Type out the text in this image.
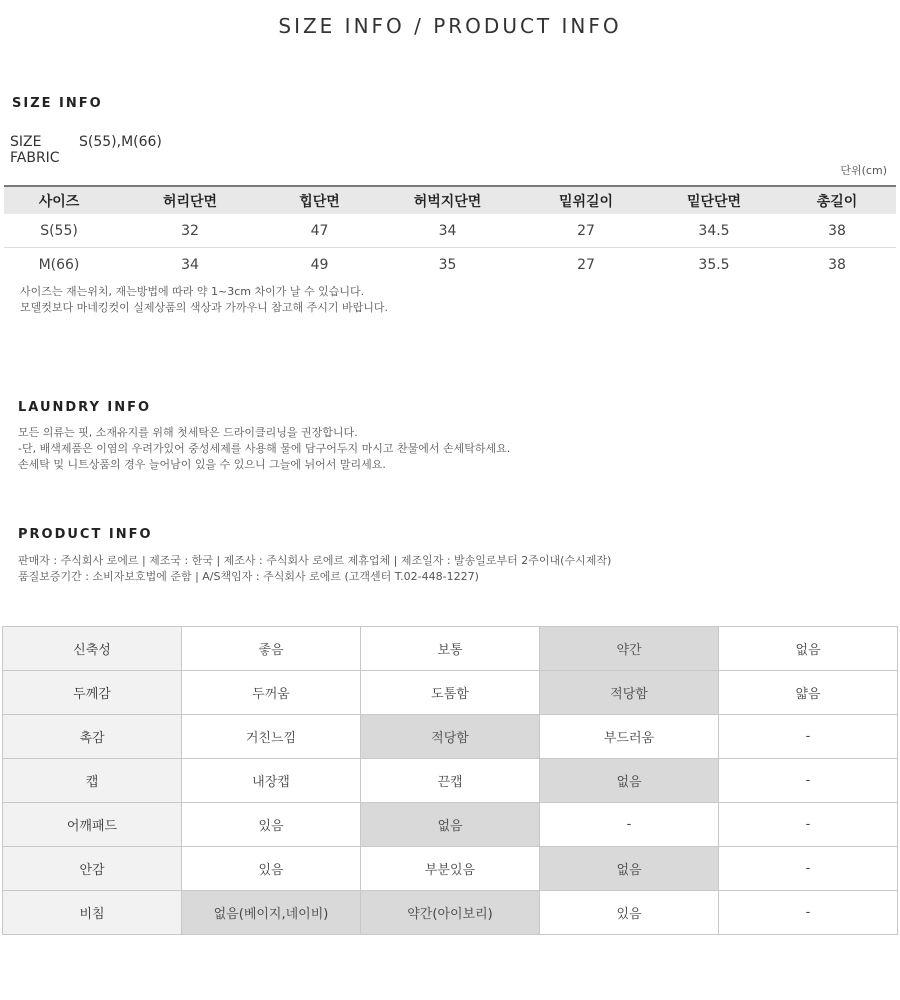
SIZE INFO / PRODUCT INFO
SIZE INFO
SIZE	S(55),M(66)
FABRIC
단위(cm)
사이즈	허리단면	힙단면	허벅지단면	밑위길이	밑단단면	총길이
S(55)	32	47	34	27	34.5	38
M(66)	34	49	35	27	35.5	38
사이즈는 재는위치, 재는방법에 따라 약 1~3cm 차이가 날 수 있습니다.
모델컷보다 마네킹컷이 실제상품의 색상과 가까우니 참고해 주시기 바랍니다.
LAUNDRY INFO
모든 의류는 핏, 소재유지를 위해 첫세탁은 드라이클리닝을 권장합니다.
-단, 배색제품은 이염의 우려가있어 중성세제를 사용해 물에 담구어두지 마시고 찬물에서 손세탁하세요.
손세탁 및 니트상품의 경우 늘어남이 있을 수 있으니 그늘에 뉘어서 말리세요.
PRODUCT INFO
판매자 : 주식회사 로에르 | 제조국 : 한국 | 제조사 : 주식회사 로에르 제휴업체 | 제조일자 : 발송일로부터 2주이내(수시제작)
품질보증기간 : 소비자보호법에 준함 | A/S책임자 : 주식회사 로에르 (고객센터 T.02-448-1227)
신축성	좋음	보통	약간	없음
두께감	두꺼움	도톰함	적당함	얇음
촉감	거친느낌	적당함	부드러움	-
캡	내장캡	끈캡	없음	-
어깨패드	있음	없음	-	-
안감	있음	부분있음	없음	-
비침	없음(베이지,네이비)	약간(아이보리)	있음	-
